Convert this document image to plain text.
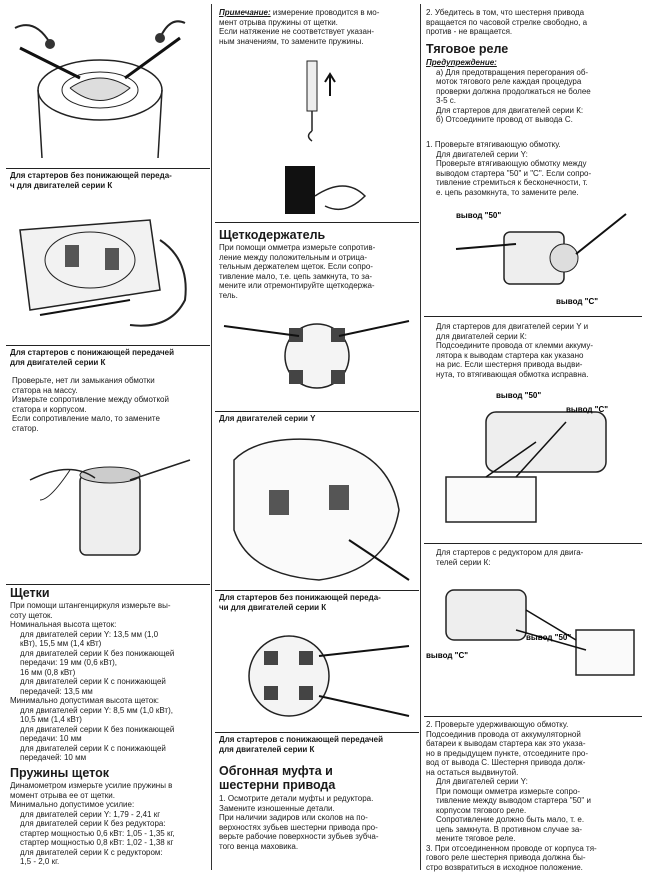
Для стартеров без понижающей переда-
ч для двигателей серии К
Для стартеров с понижающей передачей
для двигателей серии К
Проверьте, нет ли замыкания обмотки
статора на массу.
Измерьте сопротивление между обмоткой
статора и корпусом.
Если сопротивление мало, то замените
статор.
Щетки
При помощи штангенциркуля измерьте вы-
соту щеток.
Номинальная высота щеток:
для двигателей серии Y: 13,5 мм (1,0
кВт), 15,5 мм (1,4 кВт)
для двигателей серии К без понижающей
передачи: 19 мм (0,6 кВт),
16 мм (0,8 кВт)
для двигателей серии К с понижающей
передачей: 13,5 мм
Минимально допустимая высота щеток:
для двигателей серии Y: 8,5 мм (1,0 кВт),
10,5 мм (1,4 кВт)
для двигателей серии К без понижающей
передачи: 10 мм
для двигателей серии К с понижающей
передачей: 10 мм
Пружины щеток
Динамометром измерьте усилие пружины в
момент отрыва ее от щетки.
Минимально допустимое усилие:
для двигателей серии Y: 1,79 - 2,41 кг
для двигателей серии К без редуктора:
стартер мощностью 0,6 кВт: 1,05 - 1,35 кг,
стартер мощностью 0,8 кВт: 1,02 - 1,38 кг
для двигателей серии К с редуктором:
1,5 - 2,0 кг.
Примечание: измерение проводится в мо-
мент отрыва пружины от щетки.
Если натяжение не соответствует указан-
ным значениям, то замените пружины.
Щеткодержатель
При помощи омметра измерьте сопротив-
ление между положительным и отрица-
тельным держателем щеток. Если сопро-
тивление мало, т.е. цепь замкнута, то за-
мените или отремонтируйте щеткодержа-
тель.
Для двигателей серии Y
Для стартеров без понижающей переда-
чи для двигателей серии К
Для стартеров с понижающей передачей
для двигателей серии К
Обгонная муфта и
шестерни привода
1. Осмотрите детали муфты и редуктора.
Замените изношенные детали.
При наличии задиров или сколов на по-
верхностях зубьев шестерни привода про-
верьте рабочие поверхности зубьев зубча-
того венца маховика.
2. Убедитесь в том, что шестерня привода
вращается по часовой стрелке свободно, а
против - не вращается.
Тяговое реле
Предупреждение:
а) Для предотвращения перегорания об-
моток тягового реле каждая процедура
проверки должна продолжаться не более
3-5 с.
Для стартеров для двигателей серии К:
б) Отсоедините провод от вывода С.
1. Проверьте втягивающую обмотку.
Для двигателей серии Y:
Проверьте втягивающую обмотку между
выводом стартера "50" и "С". Если сопро-
тивление стремиться к бесконечности, т.
е. цепь разомкнута, то замените реле.
вывод "50"
вывод "С"
Для стартеров для двигателей серии Y и
для двигателей серии К:
Подсоедините провода от клемми аккуму-
лятора к выводам стартера как указано
на рис. Если шестерня привода выдви-
нута, то втягивающая обмотка исправна.
вывод "50"
вывод "С"
Для стартеров с редуктором для двига-
телей серии К:
вывод "50"
вывод "С"
2. Проверьте удерживающую обмотку.
Подсоединив провода от аккумуляторной
батареи к выводам стартера как это указа-
но в предыдущем пункте, отсоедините про-
вод от вывода С. Шестерня привода долж-
на остаться выдвинутой.
Для двигателей серии Y:
При помощи омметра измерьте сопро-
тивление между выводом стартера "50" и
корпусом тягового реле.
Сопротивление должно быть мало, т. е.
цепь замкнута. В противном случае за-
мените тяговое реле.
3. При отсоединенном проводе от корпуса тя-
гового реле шестерня привода должна бы-
стро возвратиться в исходное положение.
